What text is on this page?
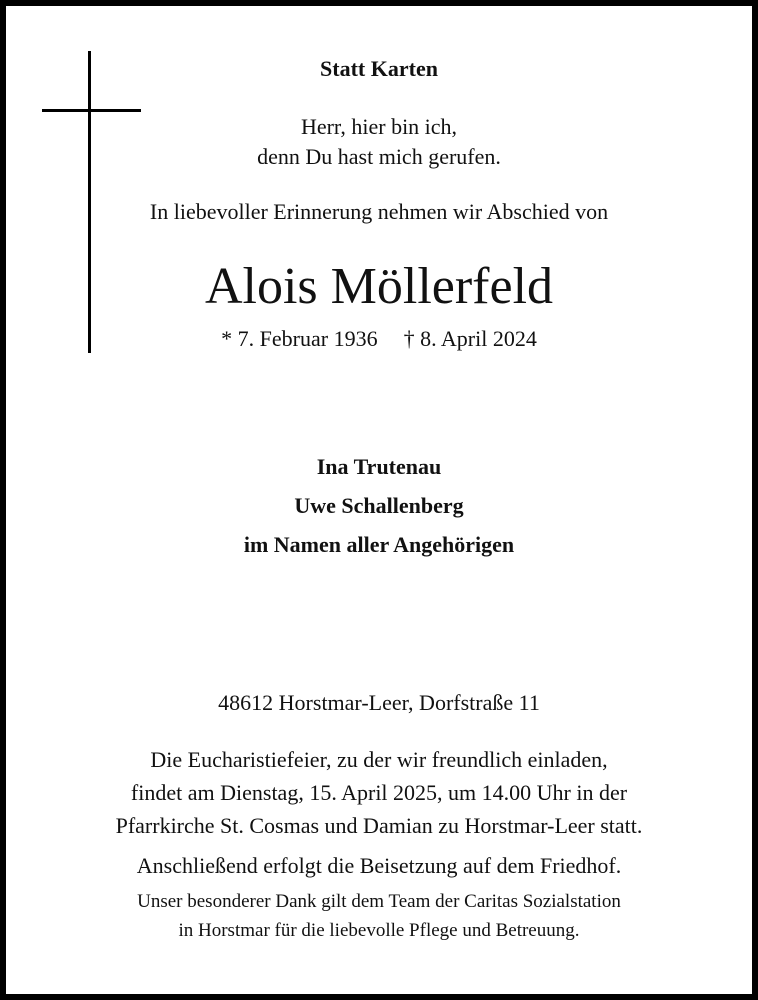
Statt Karten
Herr, hier bin ich,
denn Du hast mich gerufen.
In liebevoller Erinnerung nehmen wir Abschied von
Alois Möllerfeld
* 7. Februar 1936 † 8. April 2024
Ina Trutenau
Uwe Schallenberg
im Namen aller Angehörigen
48612 Horstmar-Leer, Dorfstraße 11
Die Eucharistiefeier, zu der wir freundlich einladen,
findet am Dienstag, 15. April 2025, um 14.00 Uhr in der
Pfarrkirche St. Cosmas und Damian zu Horstmar-Leer statt.
Anschließend erfolgt die Beisetzung auf dem Friedhof.
Unser besonderer Dank gilt dem Team der Caritas Sozialstation
in Horstmar für die liebevolle Pflege und Betreuung.
